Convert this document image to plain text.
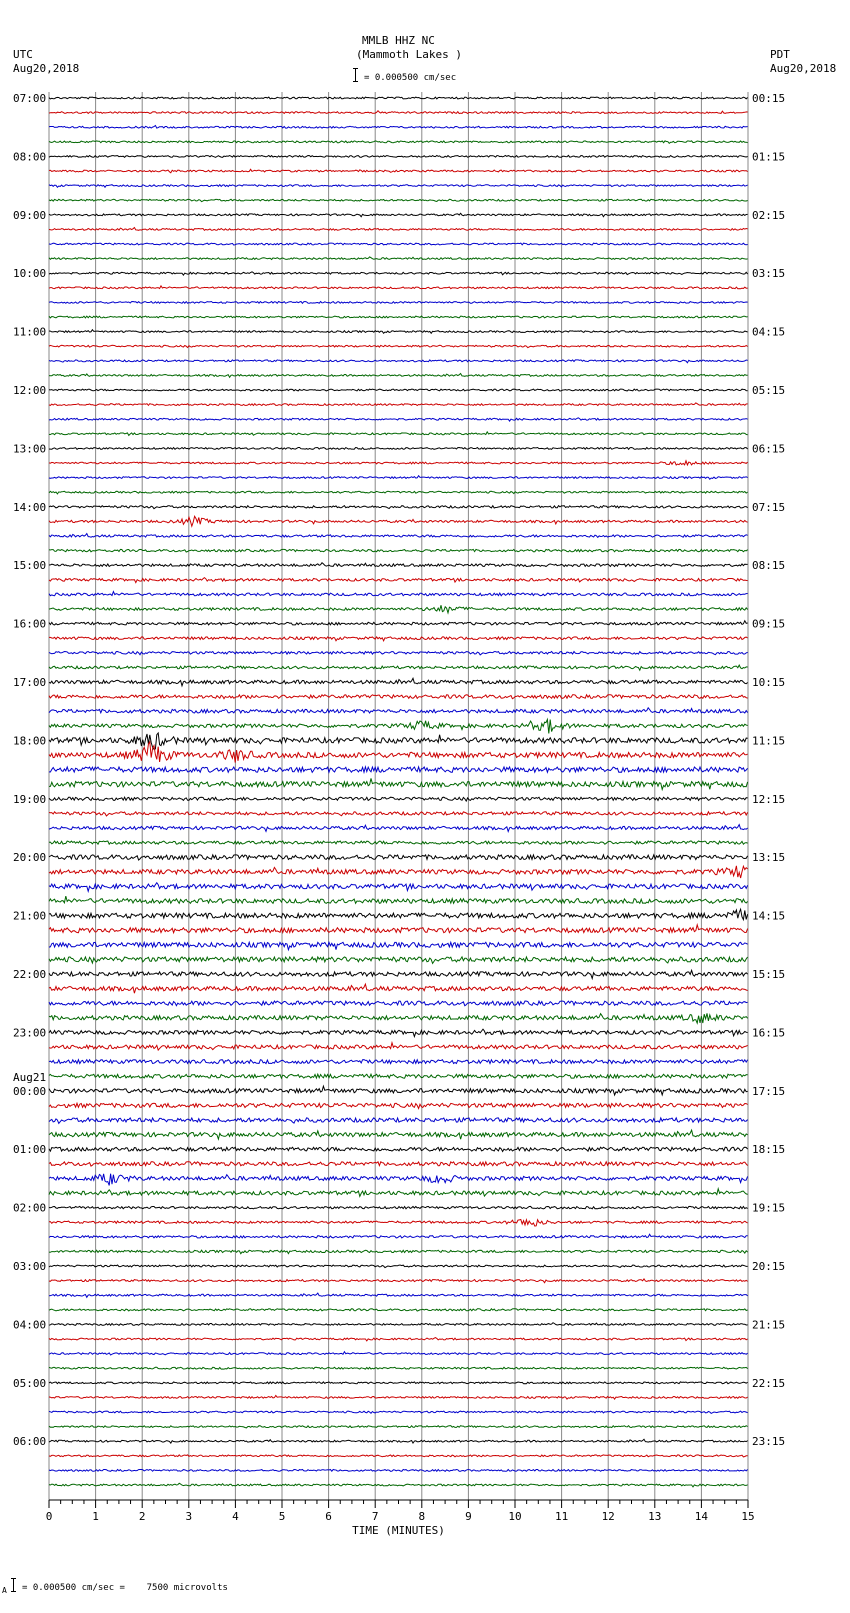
0	1	2	3	4	5	6	7	8	9	10	11	12	13	14	15
TIME (MINUTES)
07:00	00:15
08:00	01:15
09:00	02:15
10:00	03:15
11:00	04:15
12:00	05:15
13:00	06:15
14:00	07:15
15:00	08:15
16:00	09:15
17:00	10:15
18:00	11:15
19:00	12:15
20:00	13:15
21:00	14:15
22:00	15:15
23:00	16:15
00:00	17:15
01:00	18:15
02:00	19:15
03:00	20:15
04:00	21:15
05:00	22:15
06:00	23:15
Aug21
MMLB HHZ NC
(Mammoth Lakes )
UTC
Aug20,2018
PDT
Aug20,2018
= 0.000500 cm/sec
A = 0.000500 cm/sec =    7500 microvolts
